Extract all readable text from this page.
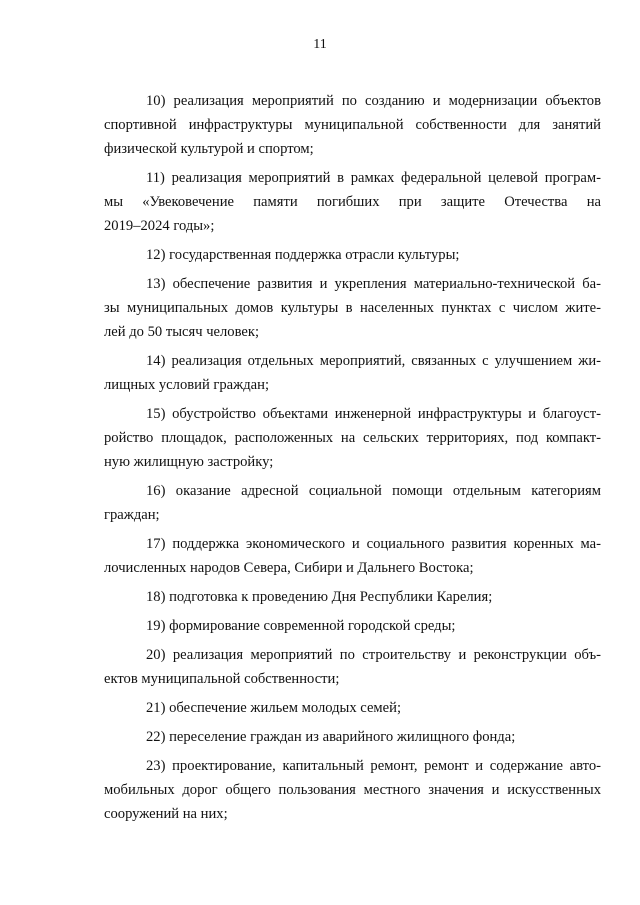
11
10) реализация мероприятий по созданию и модернизации объектов
спортивной инфраструктуры муниципальной собственности для занятий
физической культурой и спортом;
11) реализация мероприятий в рамках федеральной целевой програм-
мы «Увековечение памяти погибших при защите Отечества на
2019–2024 годы»;
12) государственная поддержка отрасли культуры;
13) обеспечение развития и укрепления материально-технической ба-
зы муниципальных домов культуры в населенных пунктах с числом жите-
лей до 50 тысяч человек;
14) реализация отдельных мероприятий, связанных с улучшением жи-
лищных условий граждан;
15) обустройство объектами инженерной инфраструктуры и благоуст-
ройство площадок, расположенных на сельских территориях, под компакт-
ную жилищную застройку;
16) оказание адресной социальной помощи отдельным категориям
граждан;
17) поддержка экономического и социального развития коренных ма-
лочисленных народов Севера, Сибири и Дальнего Востока;
18) подготовка к проведению Дня Республики Карелия;
19) формирование современной городской среды;
20) реализация мероприятий по строительству и реконструкции объ-
ектов муниципальной собственности;
21) обеспечение жильем молодых семей;
22) переселение граждан из аварийного жилищного фонда;
23) проектирование, капитальный ремонт, ремонт и содержание авто-
мобильных дорог общего пользования местного значения и искусственных
сооружений на них;
